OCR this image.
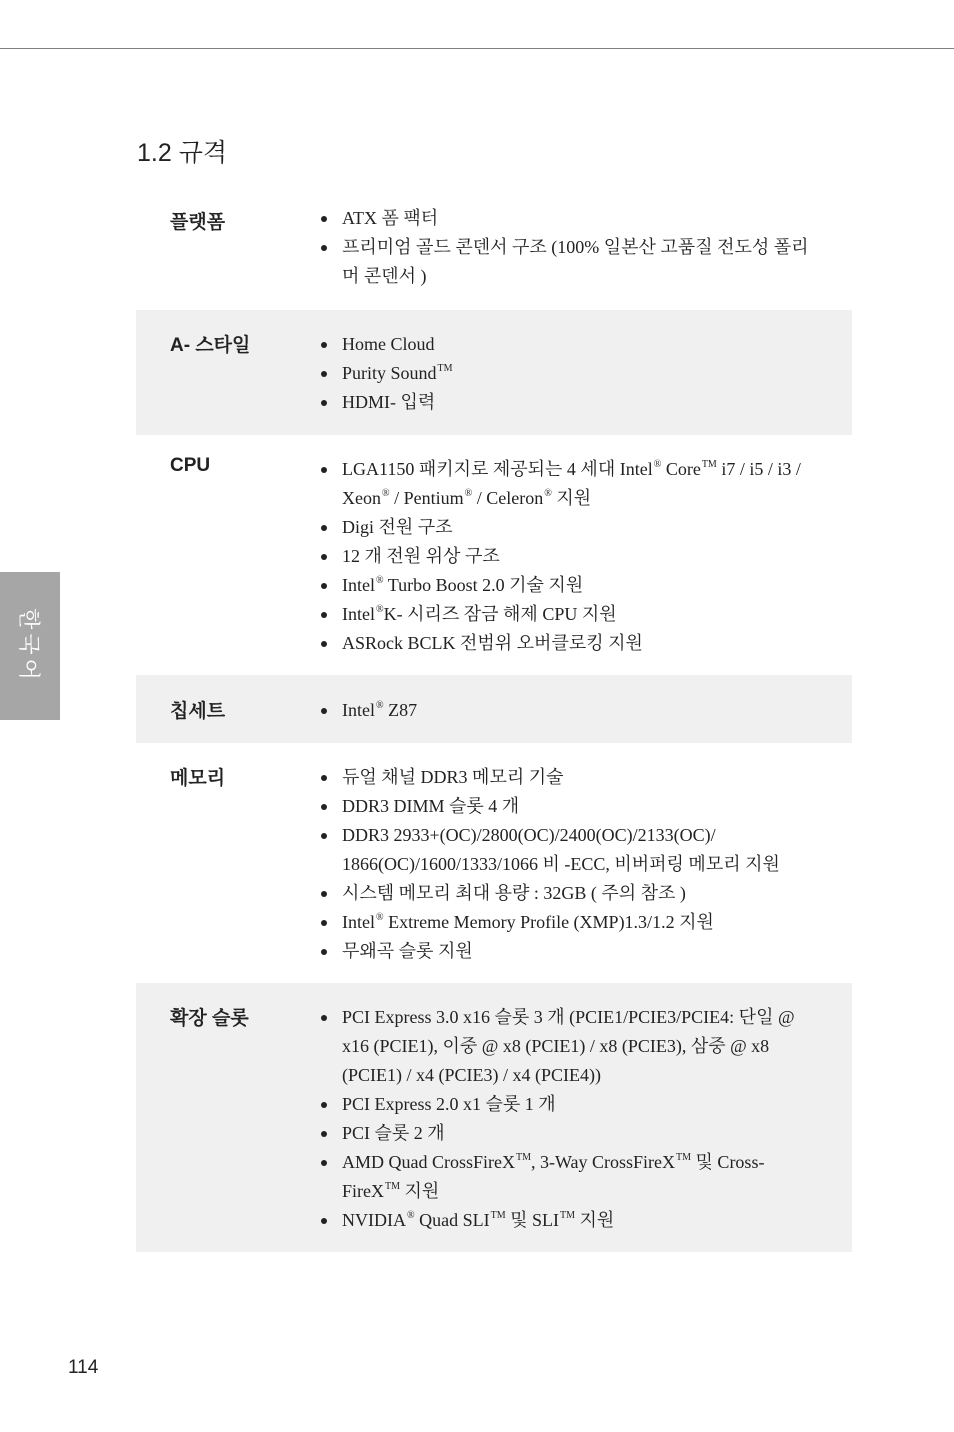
1.2 규격
플랫폼	ATX 폼 팩터
프리미엄 골드 콘덴서 구조 (100% 일본산 고품질 전도성 폴리머 콘덴서 )
A- 스타일	Home Cloud
Purity Sound™
HDMI- 입력
CPU	LGA1150 패키지로 제공되는 4 세대 Intel® Core™ i7 / i5 / i3 / Xeon® / Pentium® / Celeron® 지원
Digi 전원 구조
12 개 전원 위상 구조
Intel® Turbo Boost 2.0 기술 지원
Intel®K- 시리즈 잠금 해제 CPU 지원
ASRock BCLK 전범위 오버클로킹 지원
칩세트	Intel® Z87
메모리	듀얼 채널 DDR3 메모리 기술
DDR3 DIMM 슬롯 4 개
DDR3 2933+(OC)/2800(OC)/2400(OC)/2133(OC)/ 1866(OC)/1600/1333/1066 비 -ECC, 비버퍼링 메모리 지원
시스템 메모리 최대 용량 : 32GB ( 주의 참조 )
Intel® Extreme Memory Profile (XMP)1.3/1.2 지원
무왜곡 슬롯 지원
확장 슬롯	PCI Express 3.0 x16 슬롯 3 개 (PCIE1/PCIE3/PCIE4: 단일 @ x16 (PCIE1), 이중 @ x8 (PCIE1) / x8 (PCIE3), 삼중 @ x8 (PCIE1) / x4 (PCIE3) / x4 (PCIE4))
PCI Express 2.0 x1 슬롯 1 개
PCI 슬롯 2 개
AMD Quad CrossFireX™, 3-Way CrossFireX™ 및 Cross- FireX™ 지원
NVIDIA® Quad SLI™ 및 SLI™ 지원
한국어
114
